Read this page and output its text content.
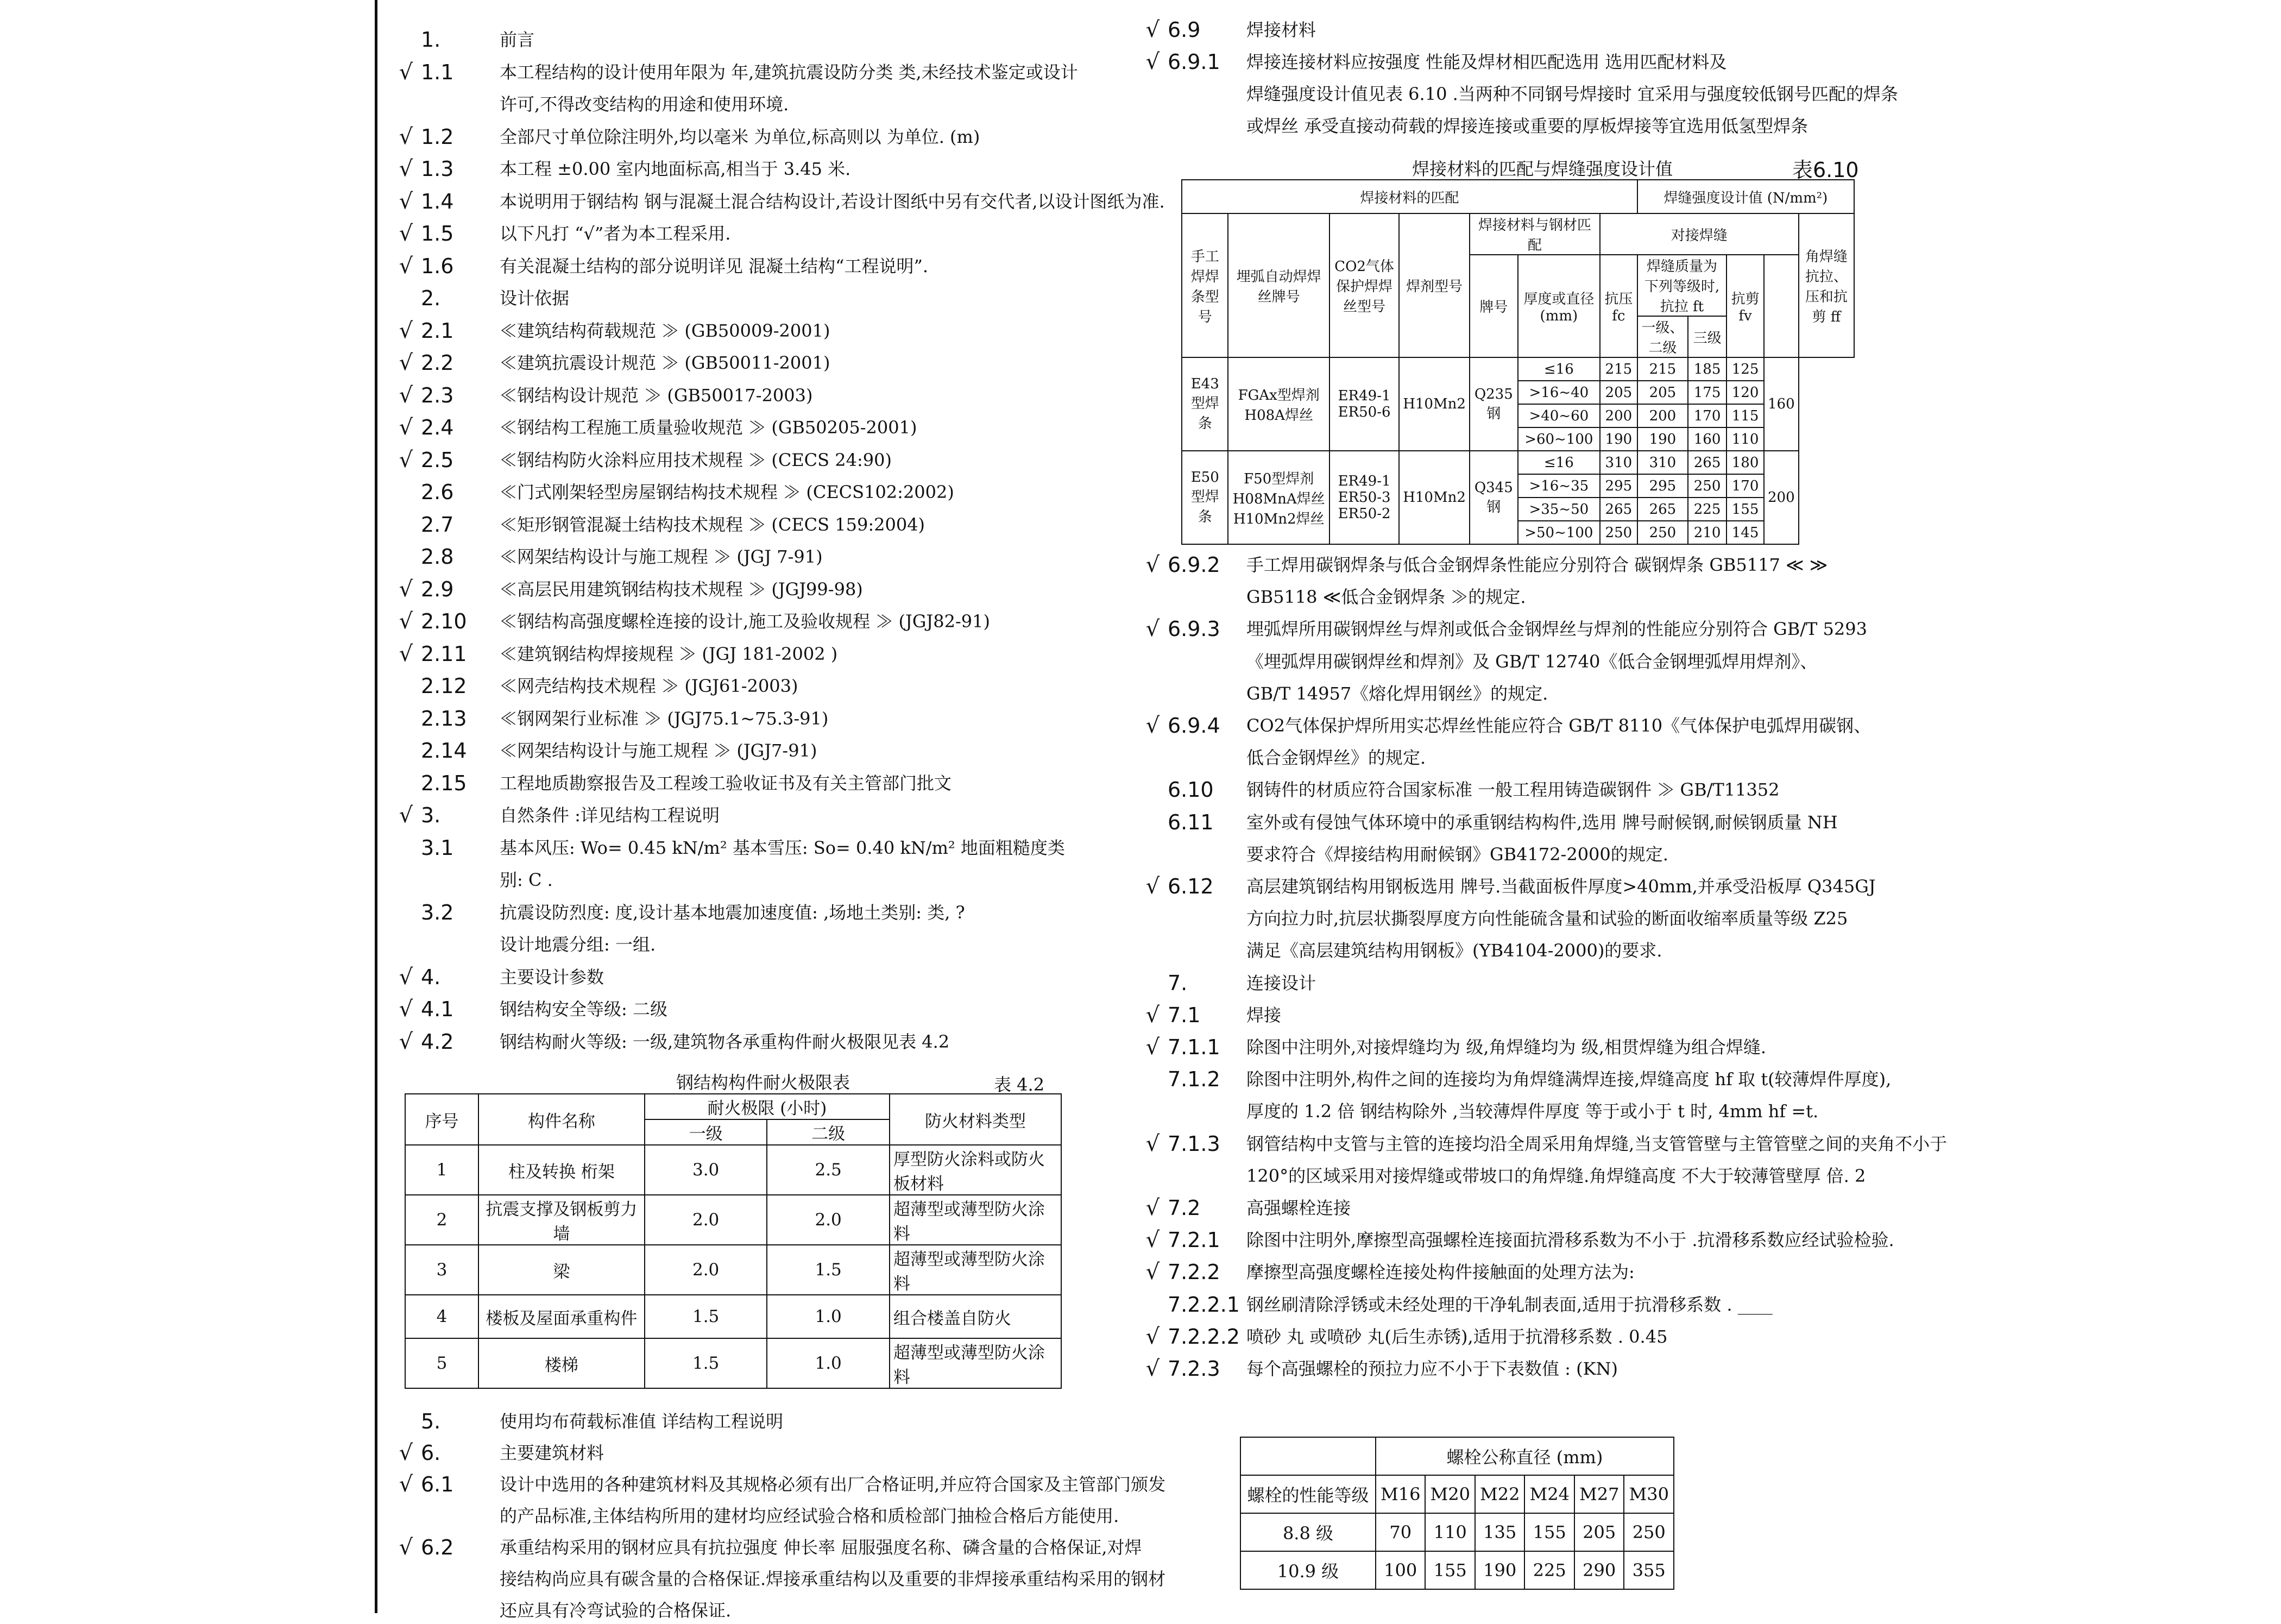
1.	前言
√ 1.1	本工程结构的设计使用年限为 年,建筑抗震设防分类 类,未经技术鉴定或设计
许可,不得改变结构的用途和使用环境.
√ 1.2	全部尺寸单位除注明外,均以毫米 为单位,标高则以 为单位. (m)
√ 1.3	本工程 ±0.00 室内地面标高,相当于 3.45 米.
√ 1.4	本说明用于钢结构 钢与混凝土混合结构设计,若设计图纸中另有交代者,以设计图纸为准.
√ 1.5	以下凡打 “√”者为本工程采用.
√ 1.6	有关混凝土结构的部分说明详见 混凝土结构“工程说明”.
2.	设计依据
√ 2.1	≪建筑结构荷载规范 ≫ (GB50009-2001)
√ 2.2	≪建筑抗震设计规范 ≫ (GB50011-2001)
√ 2.3	≪钢结构设计规范 ≫ (GB50017-2003)
√ 2.4	≪钢结构工程施工质量验收规范 ≫ (GB50205-2001)
√ 2.5	≪钢结构防火涂料应用技术规程 ≫ (CECS 24:90)
2.6	≪门式刚架轻型房屋钢结构技术规程 ≫ (CECS102:2002)
2.7	≪矩形钢管混凝土结构技术规程 ≫ (CECS 159:2004)
2.8	≪网架结构设计与施工规程 ≫ (JGJ 7-91)
√ 2.9	≪高层民用建筑钢结构技术规程 ≫ (JGJ99-98)
√ 2.10 ≪钢结构高强度螺栓连接的设计,施工及验收规程 ≫ (JGJ82-91)
√ 2.11 ≪建筑钢结构焊接规程 ≫ (JGJ 181-2002 )
2.12 ≪网壳结构技术规程 ≫ (JGJ61-2003)
2.13 ≪钢网架行业标准 ≫ (JGJ75.1~75.3-91)
2.14 ≪网架结构设计与施工规程 ≫ (JGJ7-91)
2.15 工程地质勘察报告及工程竣工验收证书及有关主管部门批文
√ 3.	自然条件 :详见结构工程说明
3.1	基本风压: Wo= 0.45 kN/m² 基本雪压: So= 0.40 kN/m² 地面粗糙度类
别: C .
3.2	抗震设防烈度: 度,设计基本地震加速度值: ,场地土类别: 类, ?
设计地震分组: 一组.
√ 4.	主要设计参数
√ 4.1	钢结构安全等级: 二级
√ 4.2	钢结构耐火等级: 一级,建筑物各承重构件耐火极限见表 4.2
5.	使用均布荷载标准值 详结构工程说明
√ 6.	主要建筑材料
√ 6.1	设计中选用的各种建筑材料及其规格必须有出厂合格证明,并应符合国家及主管部门颁发
的产品标准,主体结构所用的建材均应经试验合格和质检部门抽检合格后方能使用.
√ 6.2	承重结构采用的钢材应具有抗拉强度 伸长率 屈服强度名称、磷含量的合格保证,对焊
接结构尚应具有碳含量的合格保证.焊接承重结构以及重要的非焊接承重结构采用的钢材
还应具有冷弯试验的合格保证.
钢结构构件耐火极限表	表 4.2
序号	构件名称	耐火极限 (小时)		防火材料类型
		一级	二级	
1	柱及转换 桁架	3.0	2.5	厚型防火涂料或防火板材料
2	抗震支撑及钢板剪力墙	2.0	2.0	超薄型或薄型防火涂料
3	梁	2.0	1.5	超薄型或薄型防火涂料
4	楼板及屋面承重构件	1.5	1.0	组合楼盖自防火
5	楼梯	1.5	1.0	超薄型或薄型防火涂料
√ 6.9	焊接材料
√ 6.9.1 焊接连接材料应按强度 性能及焊材相匹配选用 选用匹配材料及
焊缝强度设计值见表 6.10 .当两种不同钢号焊接时 宜采用与强度较低钢号匹配的焊条
或焊丝 承受直接动荷载的焊接连接或重要的厚板焊接等宜选用低氢型焊条
√ 6.9.2 手工焊用碳钢焊条与低合金钢焊条性能应分别符合 碳钢焊条 GB5117 ≪ ≫
GB5118 ≪低合金钢焊条 ≫的规定.
√ 6.9.3 埋弧焊所用碳钢焊丝与焊剂或低合金钢焊丝与焊剂的性能应分别符合 GB/T 5293
《埋弧焊用碳钢焊丝和焊剂》及 GB/T 12740《低合金钢埋弧焊用焊剂》、
GB/T 14957《熔化焊用钢丝》的规定.
√ 6.9.4 CO2气体保护焊所用实芯焊丝性能应符合 GB/T 8110《气体保护电弧焊用碳钢、
低合金钢焊丝》的规定.
6.10 钢铸件的材质应符合国家标准 一般工程用铸造碳钢件 ≫ GB/T11352
6.11 室外或有侵蚀气体环境中的承重钢结构构件,选用 牌号耐候钢,耐候钢质量 NH
要求符合《焊接结构用耐候钢》GB4172-2000的规定.
√ 6.12 高层建筑钢结构用钢板选用 牌号.当截面板件厚度>40mm,并承受沿板厚 Q345GJ
方向拉力时,抗层状撕裂厚度方向性能硫含量和试验的断面收缩率质量等级 Z25
满足《高层建筑结构用钢板》(YB4104-2000)的要求.
7.	连接设计
√ 7.1	焊接
√ 7.1.1 除图中注明外,对接焊缝均为 级,角焊缝均为 级,相贯焊缝为组合焊缝.
7.1.2 除图中注明外,构件之间的连接均为角焊缝满焊连接,焊缝高度 hf 取 t(较薄焊件厚度),
厚度的 1.2 倍 钢结构除外 ,当较薄焊件厚度 等于或小于 t 时, 4mm hf =t.
√ 7.1.3 钢管结构中支管与主管的连接均沿全周采用角焊缝,当支管管壁与主管管壁之间的夹角不小于
120°的区域采用对接焊缝或带坡口的角焊缝.角焊缝高度 不大于较薄管壁厚 倍. 2
√ 7.2	高强螺栓连接
√ 7.2.1 除图中注明外,摩擦型高强螺栓连接面抗滑移系数为不小于 .抗滑移系数应经试验检验.
√ 7.2.2 摩擦型高强度螺栓连接处构件接触面的处理方法为:
7.2.2.1 钢丝刷清除浮锈或未经处理的干净轧制表面,适用于抗滑移系数 . ____
√ 7.2.2.2 喷砂 丸 或喷砂 丸(后生赤锈),适用于抗滑移系数 . 0.45
√ 7.2.3 每个高强螺栓的预拉力应不小于下表数值 : (KN)
焊接材料的匹配与焊缝强度设计值	表6.10
焊接材料的匹配							焊缝强度设计值 (N/mm²)				
手工焊焊条型号	埋弧自动焊焊丝牌号	CO2气体保护焊焊丝型号	焊剂型号	焊接材料与钢材匹配		对接焊缝					角焊缝 抗拉、压和抗剪 ff
				牌号	厚度或直径(mm)	抗压 fc	焊缝质量为下列等级时,抗拉 ft		抗剪 fv		
							一级、二级	三级			
E43型焊条	FGAx型焊剂 H08A焊丝	ER49-1 ER50-6	H10Mn2	Q235钢	≤16	215	215	185	125	160	
					>16~40	205	205	175	120		
					>40~60	200	200	170	115		
					>60~100	190	190	160	110		
E50型焊条	F50型焊剂 H08MnA焊丝 H10Mn2焊丝	ER49-1 ER50-3 ER50-2	H10Mn2	Q345钢	≤16	310	310	265	180	200	
					>16~35	295	295	250	170		
					>35~50	265	265	225	155		
					>50~100	250	250	210	145		
	螺栓公称直径 (mm)					
螺栓的性能等级	M16	M20	M22	M24	M27	M30
8.8 级	70	110	135	155	205	250
10.9 级	100	155	190	225	290	355
